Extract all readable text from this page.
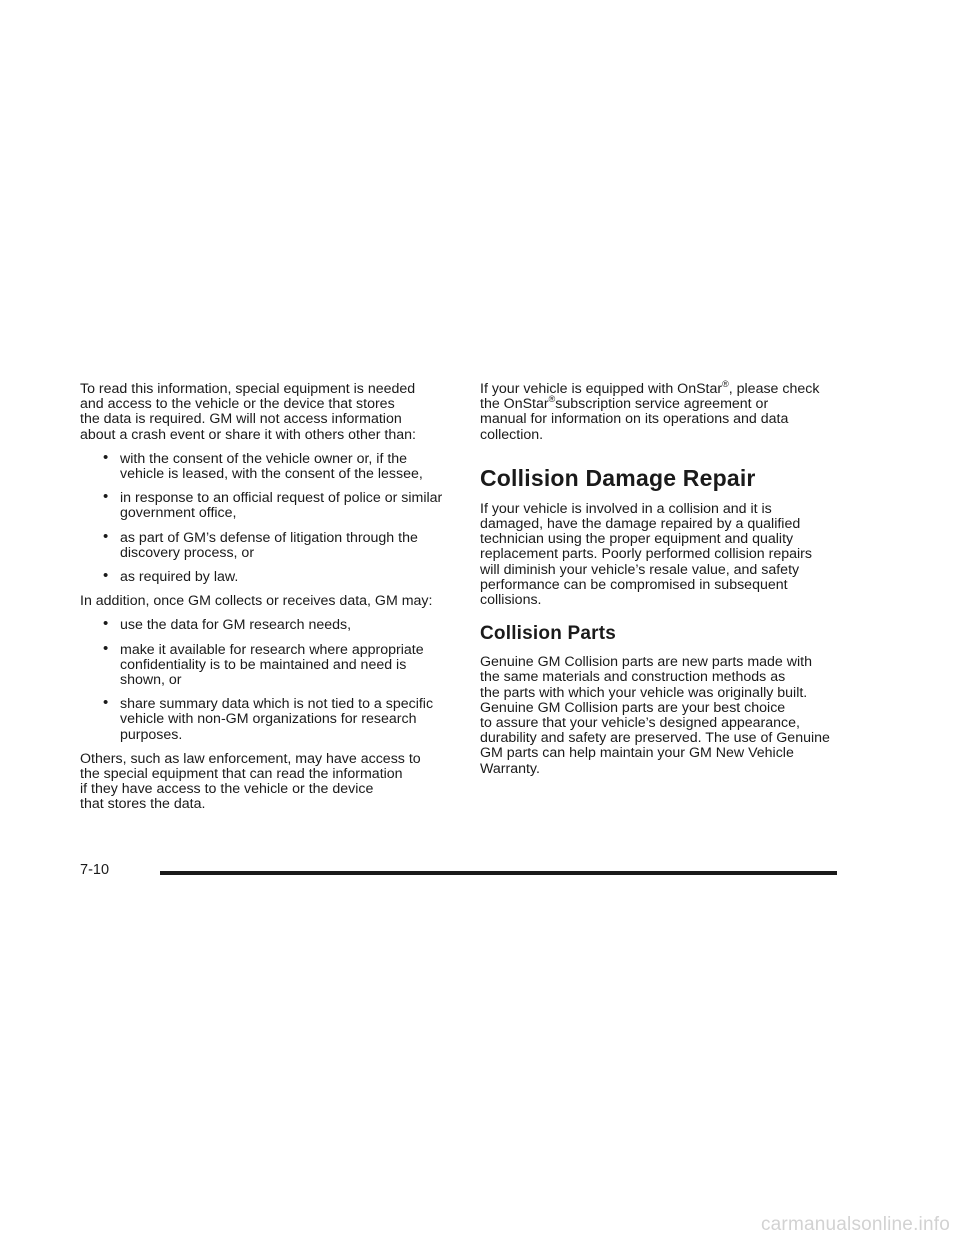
To read this information, special equipment is needed
and access to the vehicle or the device that stores
the data is required. GM will not access information
about a crash event or share it with others other than:

• with the consent of the vehicle owner or, if the
vehicle is leased, with the consent of the lessee,
• in response to an official request of police or similar
government office,
• as part of GM’s defense of litigation through the
discovery process, or
• as required by law.

In addition, once GM collects or receives data, GM may:

• use the data for GM research needs,
• make it available for research where appropriate
confidentiality is to be maintained and need is
shown, or
• share summary data which is not tied to a specific
vehicle with non-GM organizations for research
purposes.

Others, such as law enforcement, may have access to
the special equipment that can read the information
if they have access to the vehicle or the device
that stores the data.

If your vehicle is equipped with OnStar®, please check
the OnStar®subscription service agreement or
manual for information on its operations and data
collection.

Collision Damage Repair

If your vehicle is involved in a collision and it is
damaged, have the damage repaired by a qualified
technician using the proper equipment and quality
replacement parts. Poorly performed collision repairs
will diminish your vehicle’s resale value, and safety
performance can be compromised in subsequent
collisions.

Collision Parts

Genuine GM Collision parts are new parts made with
the same materials and construction methods as
the parts with which your vehicle was originally built.
Genuine GM Collision parts are your best choice
to assure that your vehicle’s designed appearance,
durability and safety are preserved. The use of Genuine
GM parts can help maintain your GM New Vehicle
Warranty.

7-10
carmanualsonline.info
